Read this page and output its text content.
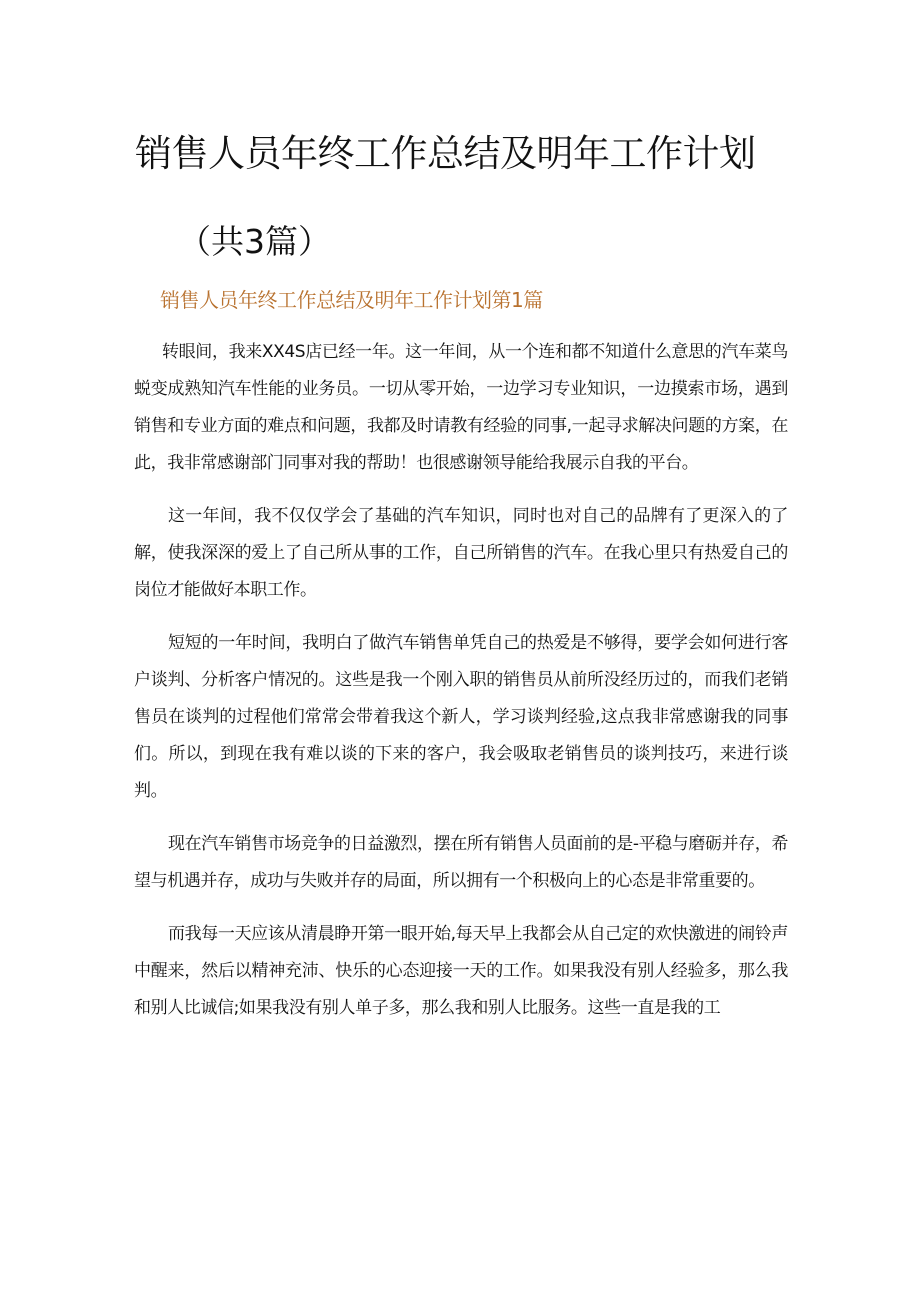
销售人员年终工作总结及明年工作计划
（共3篇）
销售人员年终工作总结及明年工作计划第1篇

转眼间，我来XX4S店已经一年。这一年间，从一个连和都不知道什么意思的汽车菜鸟蜕变成熟知汽车性能的业务员。一切从零开始，一边学习专业知识，一边摸索市场，遇到销售和专业方面的难点和问题，我都及时请教有经验的同事,一起寻求解决问题的方案，在此，我非常感谢部门同事对我的帮助！也很感谢领导能给我展示自我的平台。

这一年间，我不仅仅学会了基础的汽车知识，同时也对自己的品牌有了更深入的了解，使我深深的爱上了自己所从事的工作，自己所销售的汽车。在我心里只有热爱自己的岗位才能做好本职工作。

短短的一年时间，我明白了做汽车销售单凭自己的热爱是不够得，要学会如何进行客户谈判、分析客户情况的。这些是我一个刚入职的销售员从前所没经历过的，而我们老销售员在谈判的过程他们常常会带着我这个新人，学习谈判经验,这点我非常感谢我的同事们。所以，到现在我有难以谈的下来的客户，我会吸取老销售员的谈判技巧，来进行谈判。

现在汽车销售市场竞争的日益激烈，摆在所有销售人员面前的是-平稳与磨砺并存，希望与机遇并存，成功与失败并存的局面，所以拥有一个积极向上的心态是非常重要的。

而我每一天应该从清晨睁开第一眼开始,每天早上我都会从自己定的欢快激进的闹铃声中醒来，然后以精神充沛、快乐的心态迎接一天的工作。如果我没有别人经验多，那么我和别人比诚信;如果我没有别人单子多，那么我和别人比服务。这些一直是我的工
